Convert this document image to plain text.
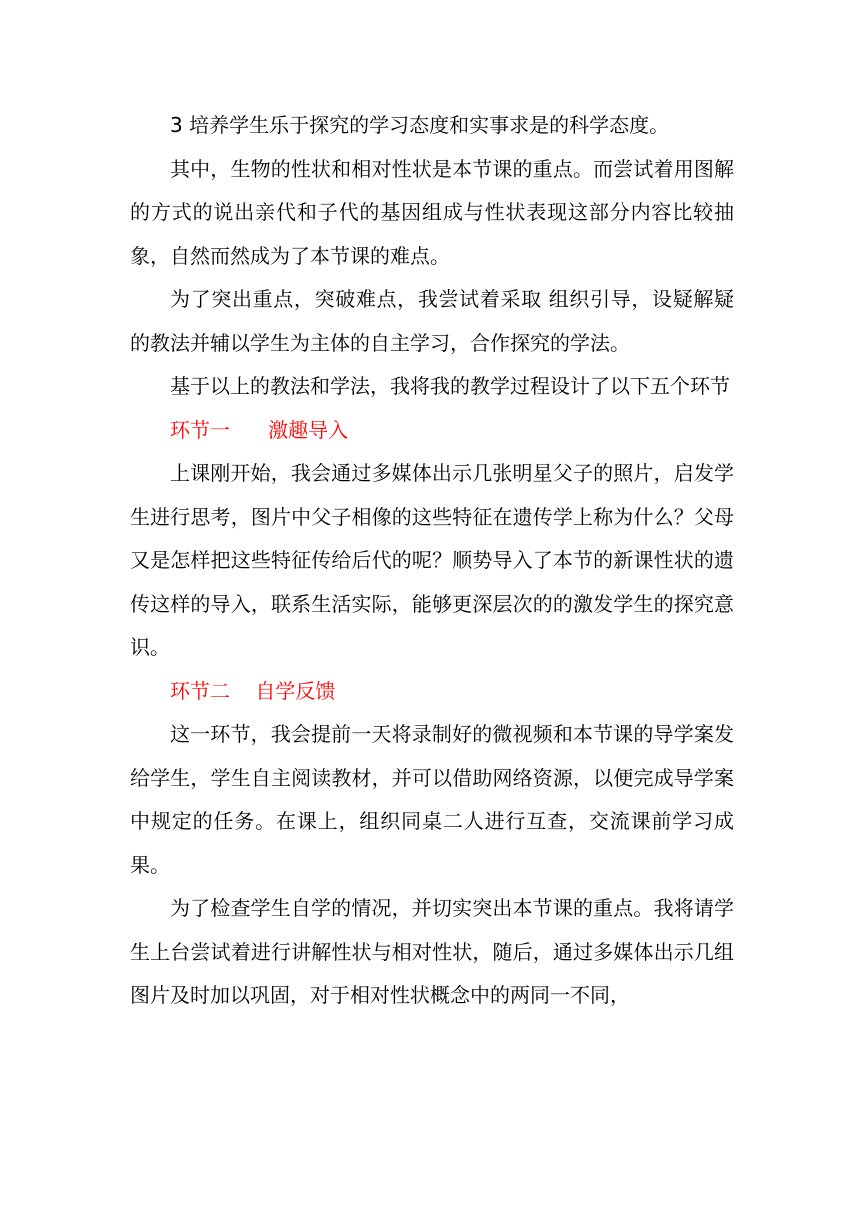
3 培养学生乐于探究的学习态度和实事求是的科学态度。

其中，生物的性状和相对性状是本节课的重点。而尝试着用图解的方式的说出亲代和子代的基因组成与性状表现这部分内容比较抽象，自然而然成为了本节课的难点。

为了突出重点，突破难点，我尝试着采取 组织引导，设疑解疑的教法并辅以学生为主体的自主学习，合作探究的学法。

基于以上的教法和学法，我将我的教学过程设计了以下五个环节

环节一      激趣导入

上课刚开始，我会通过多媒体出示几张明星父子的照片，启发学生进行思考，图片中父子相像的这些特征在遗传学上称为什么？父母又是怎样把这些特征传给后代的呢？顺势导入了本节的新课性状的遗传这样的导入，联系生活实际，能够更深层次的的激发学生的探究意识。

环节二    自学反馈

这一环节，我会提前一天将录制好的微视频和本节课的导学案发给学生，学生自主阅读教材，并可以借助网络资源，以便完成导学案中规定的任务。在课上，组织同桌二人进行互查，交流课前学习成果。

为了检查学生自学的情况，并切实突出本节课的重点。我将请学生上台尝试着进行讲解性状与相对性状，随后，通过多媒体出示几组图片及时加以巩固，对于相对性状概念中的两同一不同，
